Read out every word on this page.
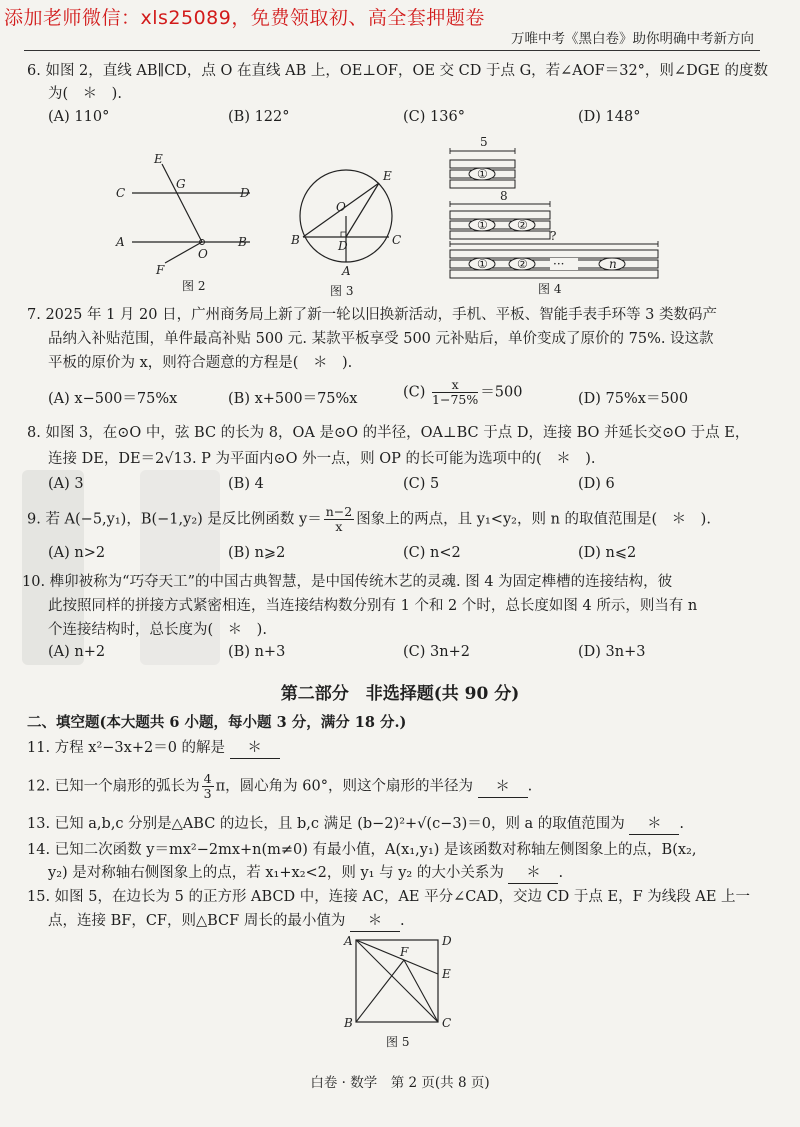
添加老师微信：xls25089，免费领取初、高全套押题卷
万唯中考《黑白卷》助你明确中考新方向
6. 如图 2，直线 AB∥CD，点 O 在直线 AB 上，OE⊥OF，OE 交 CD 于点 G，若∠AOF＝32°，则∠DGE 的度数
为(　＊　).
(A) 110°	(B) 122°	(C) 136°	(D) 148°
E
C
G
D
A
O
B
F
图 2
E
O
B	D	C
A
图 3
5
①
8
① ②
?
① ② ···	n
图 4
7. 2025 年 1 月 20 日，广州商务局上新了新一轮以旧换新活动，手机、平板、智能手表手环等 3 类数码产
品纳入补贴范围，单件最高补贴 500 元. 某款平板享受 500 元补贴后，单价变成了原价的 75%. 设这款
平板的原价为 x，则符合题意的方程是(　＊　).
(A) x−500＝75%x	(B) x+500＝75%x	$(C) \frac{x}{1-75\%} =500$	(D) 75%x＝500
8. 如图 3，在⊙O 中，弦 BC 的长为 8，OA 是⊙O 的半径，OA⊥BC 于点 D，连接 BO 并延长交⊙O 于点 E，
连接 DE，DE＝2√13. P 为平面内⊙O 外一点，则 OP 的长可能为选项中的(　＊　).
(A) 3	(B) 4	(C) 5	(D) 6
9. 若 A(−5,y₁)，B(−1,y₂) 是反比例函数 $y= \frac{n-2}{x}$ 图象上的两点，且 y₁<y₂，则 n 的取值范围是(　＊　).
(A) n>2	(B) n⩾2	(C) n<2	(D) n⩽2
10. 榫卯被称为“巧夺天工”的中国古典智慧，是中国传统木艺的灵魂. 图 4 为固定榫槽的连接结构，彼
此按照同样的拼接方式紧密相连，当连接结构数分别有 1 个和 2 个时，总长度如图 4 所示，则当有 n
个连接结构时，总长度为(　＊　).
(A) n+2	(B) n+3	(C) 3n+2	(D) 3n+3
第二部分　非选择题(共 90 分)
二、填空题(本大题共 6 小题，每小题 3 分，满分 18 分.)
11. 方程 x²−3x+2＝0 的解是 ＊
12. 已知一个扇形的弧长为 $\frac{4}{3}$ π，圆心角为 60°，则这个扇形的半径为 ＊ .
13. 已知 a,b,c 分别是△ABC 的边长，且 b,c 满足 (b−2)²+√(c−3)＝0，则 a 的取值范围为 ＊ .
14. 已知二次函数 y＝mx²−2mx+n(m≠0) 有最小值，A(x₁,y₁) 是该函数对称轴左侧图象上的点，B(x₂,
y₂) 是对称轴右侧图象上的点，若 x₁+x₂<2，则 y₁ 与 y₂ 的大小关系为 ＊ .
15. 如图 5，在边长为 5 的正方形 ABCD 中，连接 AC，AE 平分∠CAD，交边 CD 于点 E，F 为线段 AE 上一
点，连接 BF，CF，则△BCF 周长的最小值为 ＊ .
A	D
F
E
B	C
图 5
白卷 · 数学　第 2 页(共 8 页)
